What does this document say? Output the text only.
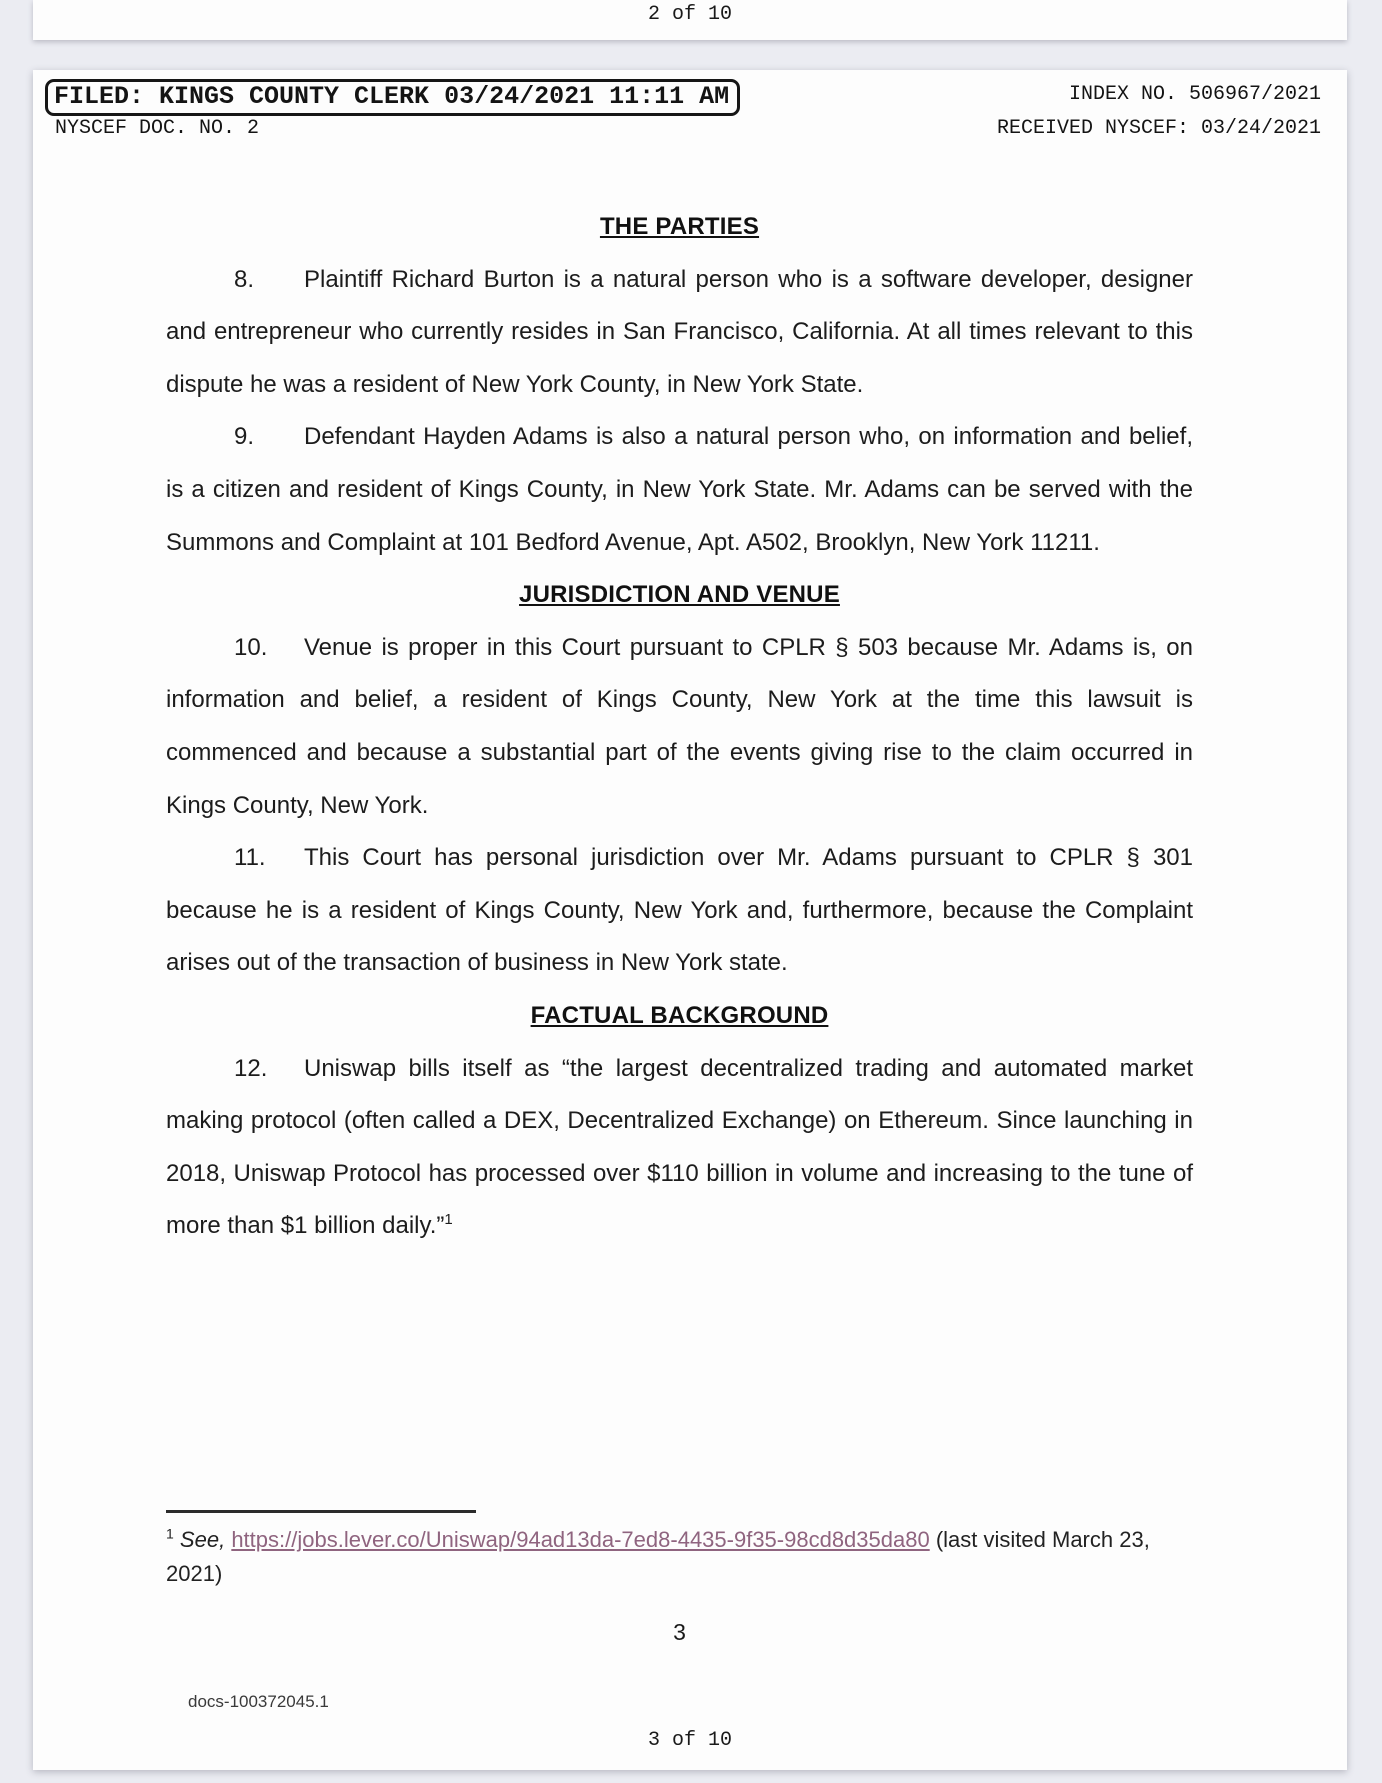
2 of 10
FILED: KINGS COUNTY CLERK 03/24/2021 11:11 AM	INDEX NO. 506967/2021
NYSCEF DOC. NO. 2	RECEIVED NYSCEF: 03/24/2021
THE PARTIES

8. Plaintiff Richard Burton is a natural person who is a software developer, designer and entrepreneur who currently resides in San Francisco, California. At all times relevant to this dispute he was a resident of New York County, in New York State.

9. Defendant Hayden Adams is also a natural person who, on information and belief, is a citizen and resident of Kings County, in New York State. Mr. Adams can be served with the Summons and Complaint at 101 Bedford Avenue, Apt. A502, Brooklyn, New York 11211.

JURISDICTION AND VENUE

10. Venue is proper in this Court pursuant to CPLR § 503 because Mr. Adams is, on information and belief, a resident of Kings County, New York at the time this lawsuit is commenced and because a substantial part of the events giving rise to the claim occurred in Kings County, New York.

11. This Court has personal jurisdiction over Mr. Adams pursuant to CPLR § 301 because he is a resident of Kings County, New York and, furthermore, because the Complaint arises out of the transaction of business in New York state.

FACTUAL BACKGROUND

12. Uniswap bills itself as “the largest decentralized trading and automated market making protocol (often called a DEX, Decentralized Exchange) on Ethereum. Since launching in 2018, Uniswap Protocol has processed over $110 billion in volume and increasing to the tune of more than $1 billion daily.”$^1$

$^1$ See, https://jobs.lever.co/Uniswap/94ad13da-7ed8-4435-9f35-98cd8d35da80 (last visited March 23, 2021)

3
docs-100372045.1
3 of 10
